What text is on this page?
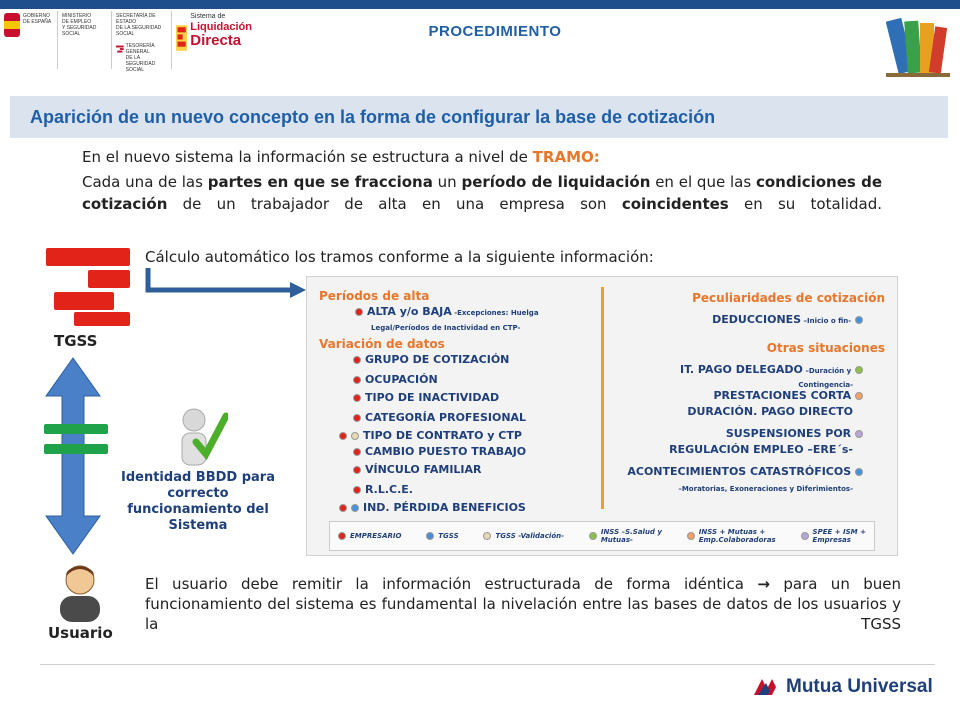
GOBIERNO
DE ESPAÑA
MINISTERIO
DE EMPLEO
Y SEGURIDAD SOCIAL
SECRETARÍA DE ESTADO
DE LA SEGURIDAD SOCIAL
TESORERÍA GENERAL
DE LA SEGURIDAD SOCIAL
Sistema de
Liquidación
Directa
PROCEDIMIENTO
Aparición de un nuevo concepto en la forma de configurar la base de cotización

En el nuevo sistema la información se estructura a nivel de TRAMO:

Cada una de las partes en que se fracciona un período de liquidación en el que las condiciones de cotización de un trabajador de alta en una empresa son coincidentes en su totalidad.

Cálculo automático los tramos conforme a la siguiente información:
TGSS
Identidad BBDD para correcto funcionamiento del Sistema
Períodos de alta
ALTA y/o BAJA -Excepciones: Huelga
Legal/Períodos de Inactividad en CTP-
Variación de datos
GRUPO DE COTIZACIÓN
OCUPACIÓN
TIPO DE INACTIVIDAD
CATEGORÍA PROFESIONAL
TIPO DE CONTRATO y CTP
CAMBIO PUESTO TRABAJO
VÍNCULO FAMILIAR
R.L.C.E.
IND. PÉRDIDA BENEFICIOS
Peculiaridades de cotización
DEDUCCIONES –Inicio o fin-
Otras situaciones
IT. PAGO DELEGADO –Duración y
Contingencia-
PRESTACIONES CORTA
DURACIÓN. PAGO DIRECTO
SUSPENSIONES POR
REGULACIÓN EMPLEO –ERE´s-
ACONTECIMIENTOS CATASTRÓFICOS
–Moratorias, Exoneraciones y Diferimientos-
EMPRESARIO	TGSS	TGSS -Validación-	INSS –S.Salud y
Mutuas-
INSS + Mutuas +
Emp.Colaboradoras
SPEE + ISM +
Empresas
Usuario
El usuario debe remitir la información estructurada de forma idéntica → para un buen funcionamiento del sistema es fundamental la nivelación entre las bases de datos de los usuarios y la TGSS
Mutua Universal
